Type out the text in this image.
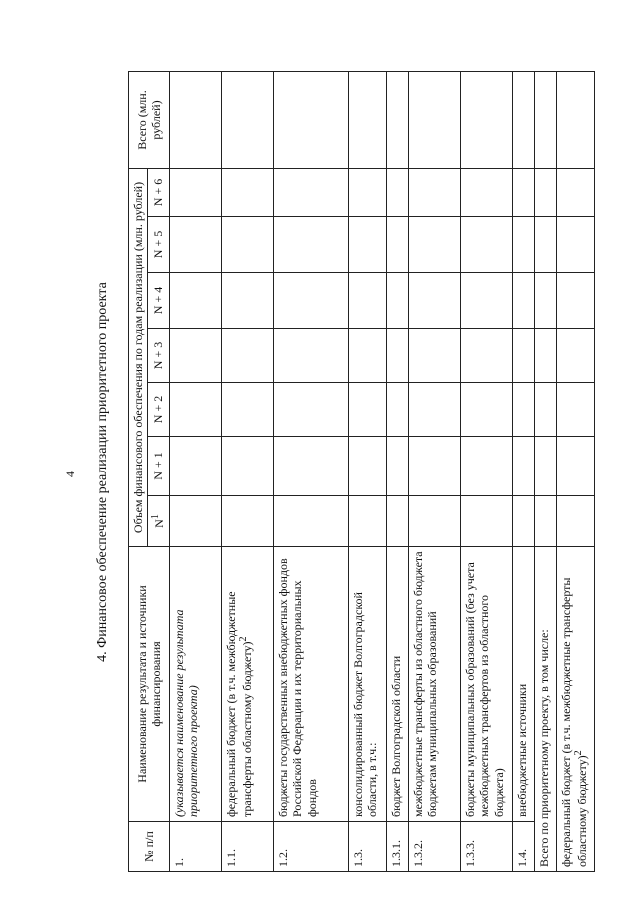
4 4. Финансовое обеспечение реализации приоритетного проекта
№ п/п	Наименование результата и источники финансирования	Объем финансового обеспечения по годам реализации (млн. рублей)							Всего (млн. рублей)
		$N^1$	N + 1	N + 2	N + 3	N + 4	N + 5	N + 6	
1.	(указывается наименование результата приоритетного проекта)								
1.1.	федеральный бюджет (в т.ч. межбюджетные трансферты областному бюджету)$^2$								
1.2.	бюджеты государственных внебюджетных фондов Российской Федерации и их территориальных фондов								
1.3.	консолидированный бюджет Волгоградской области, в т.ч.:								
1.3.1.	бюджет Волгоградской области								
1.3.2.	межбюджетные трансферты из областного бюджета бюджетам муниципальных образований								
1.3.3.	бюджеты муниципальных образований (без учета межбюджетных трансфертов из областного бюджета)								
1.4.	внебюджетные источники								
Всего по приоритетному проекту, в том числе:									
федеральный бюджет (в т.ч. межбюджетные трансферты областному бюджету)$^2$								
